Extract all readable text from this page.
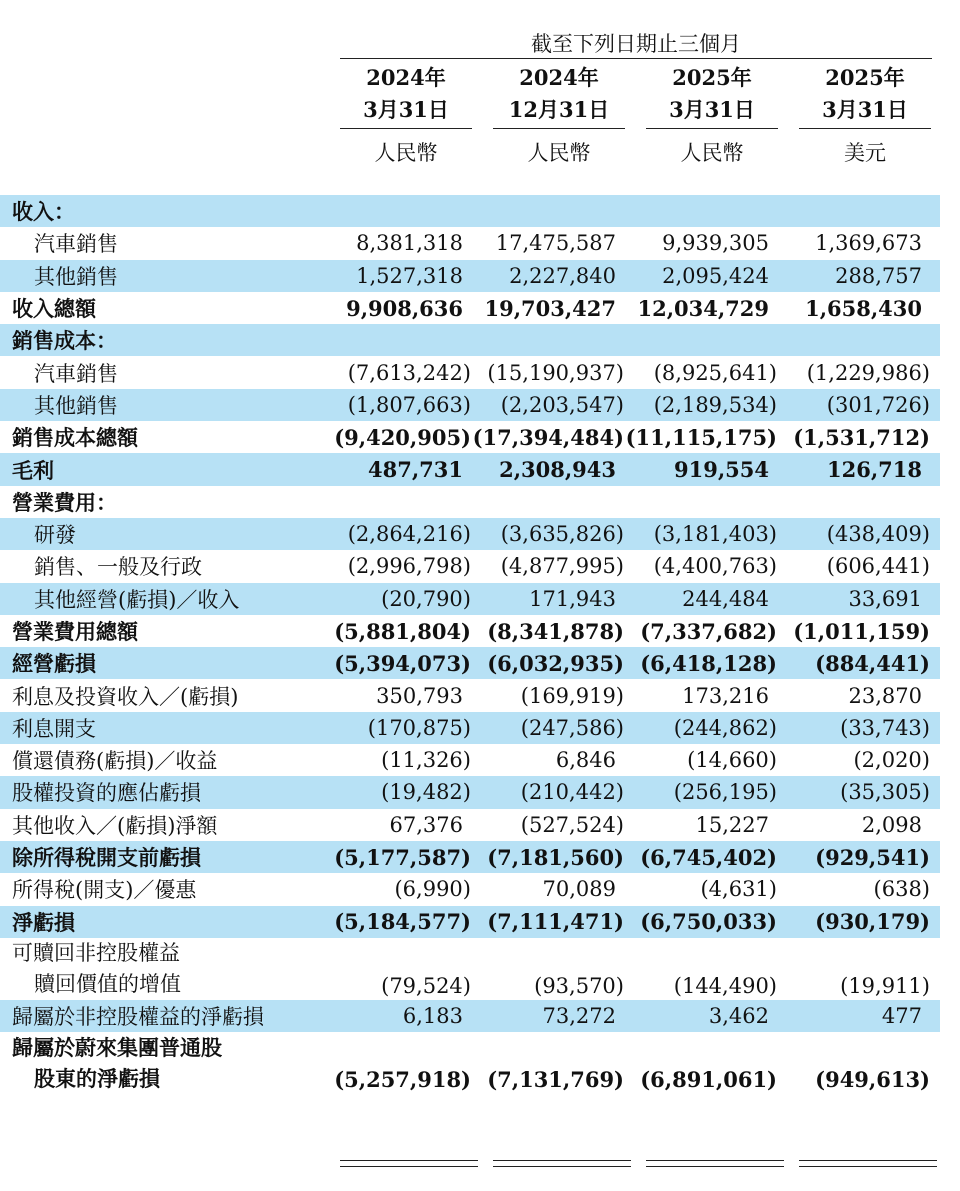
截至下列日期止三個月
2024年
3月31日
人民幣
2024年
12月31日
人民幣
2025年
3月31日
人民幣
2025年
3月31日
美元
收入：
汽車銷售	8,381,318 17,475,587 9,939,305 1,369,673
其他銷售	1,527,318 2,227,840 2,095,424	288,757
收入總額	9,908,636 19,703,427 12,034,729 1,658,430
銷售成本：
汽車銷售	(7,613,242) (15,190,937) (8,925,641) (1,229,986)
其他銷售	(1,807,663) (2,203,547) (2,189,534) (301,726)
銷售成本總額	(9,420,905) (17,394,484) (11,115,175) (1,531,712)
毛利	487,731 2,308,943	919,554	126,718
營業費用：
研發	(2,864,216) (3,635,826) (3,181,403) (438,409)
銷售、一般及行政	(2,996,798) (4,877,995) (4,400,763) (606,441)
其他經營(虧損)／收入	(20,790)	171,943	244,484	33,691
營業費用總額	(5,881,804) (8,341,878) (7,337,682) (1,011,159)
經營虧損	(5,394,073) (6,032,935) (6,418,128) (884,441)
利息及投資收入／(虧損)	350,793	(169,919)	173,216	23,870
利息開支	(170,875) (247,586) (244,862)	(33,743)
償還債務(虧損)／收益	(11,326)	6,846	(14,660)	(2,020)
股權投資的應佔虧損	(19,482) (210,442) (256,195)	(35,305)
其他收入／(虧損)淨額	67,376	(527,524)	15,227	2,098
除所得稅開支前虧損	(5,177,587) (7,181,560) (6,745,402) (929,541)
所得稅(開支)／優惠	(6,990)	70,089	(4,631)	(638)
淨虧損	(5,184,577) (7,111,471) (6,750,033) (930,179)
可贖回非控股權益
贖回價值的增值	(79,524)	(93,570) (144,490)	(19,911)
歸屬於非控股權益的淨虧損	6,183	73,272	3,462	477
歸屬於蔚來集團普通股
股東的淨虧損	(5,257,918) (7,131,769) (6,891,061) (949,613)
